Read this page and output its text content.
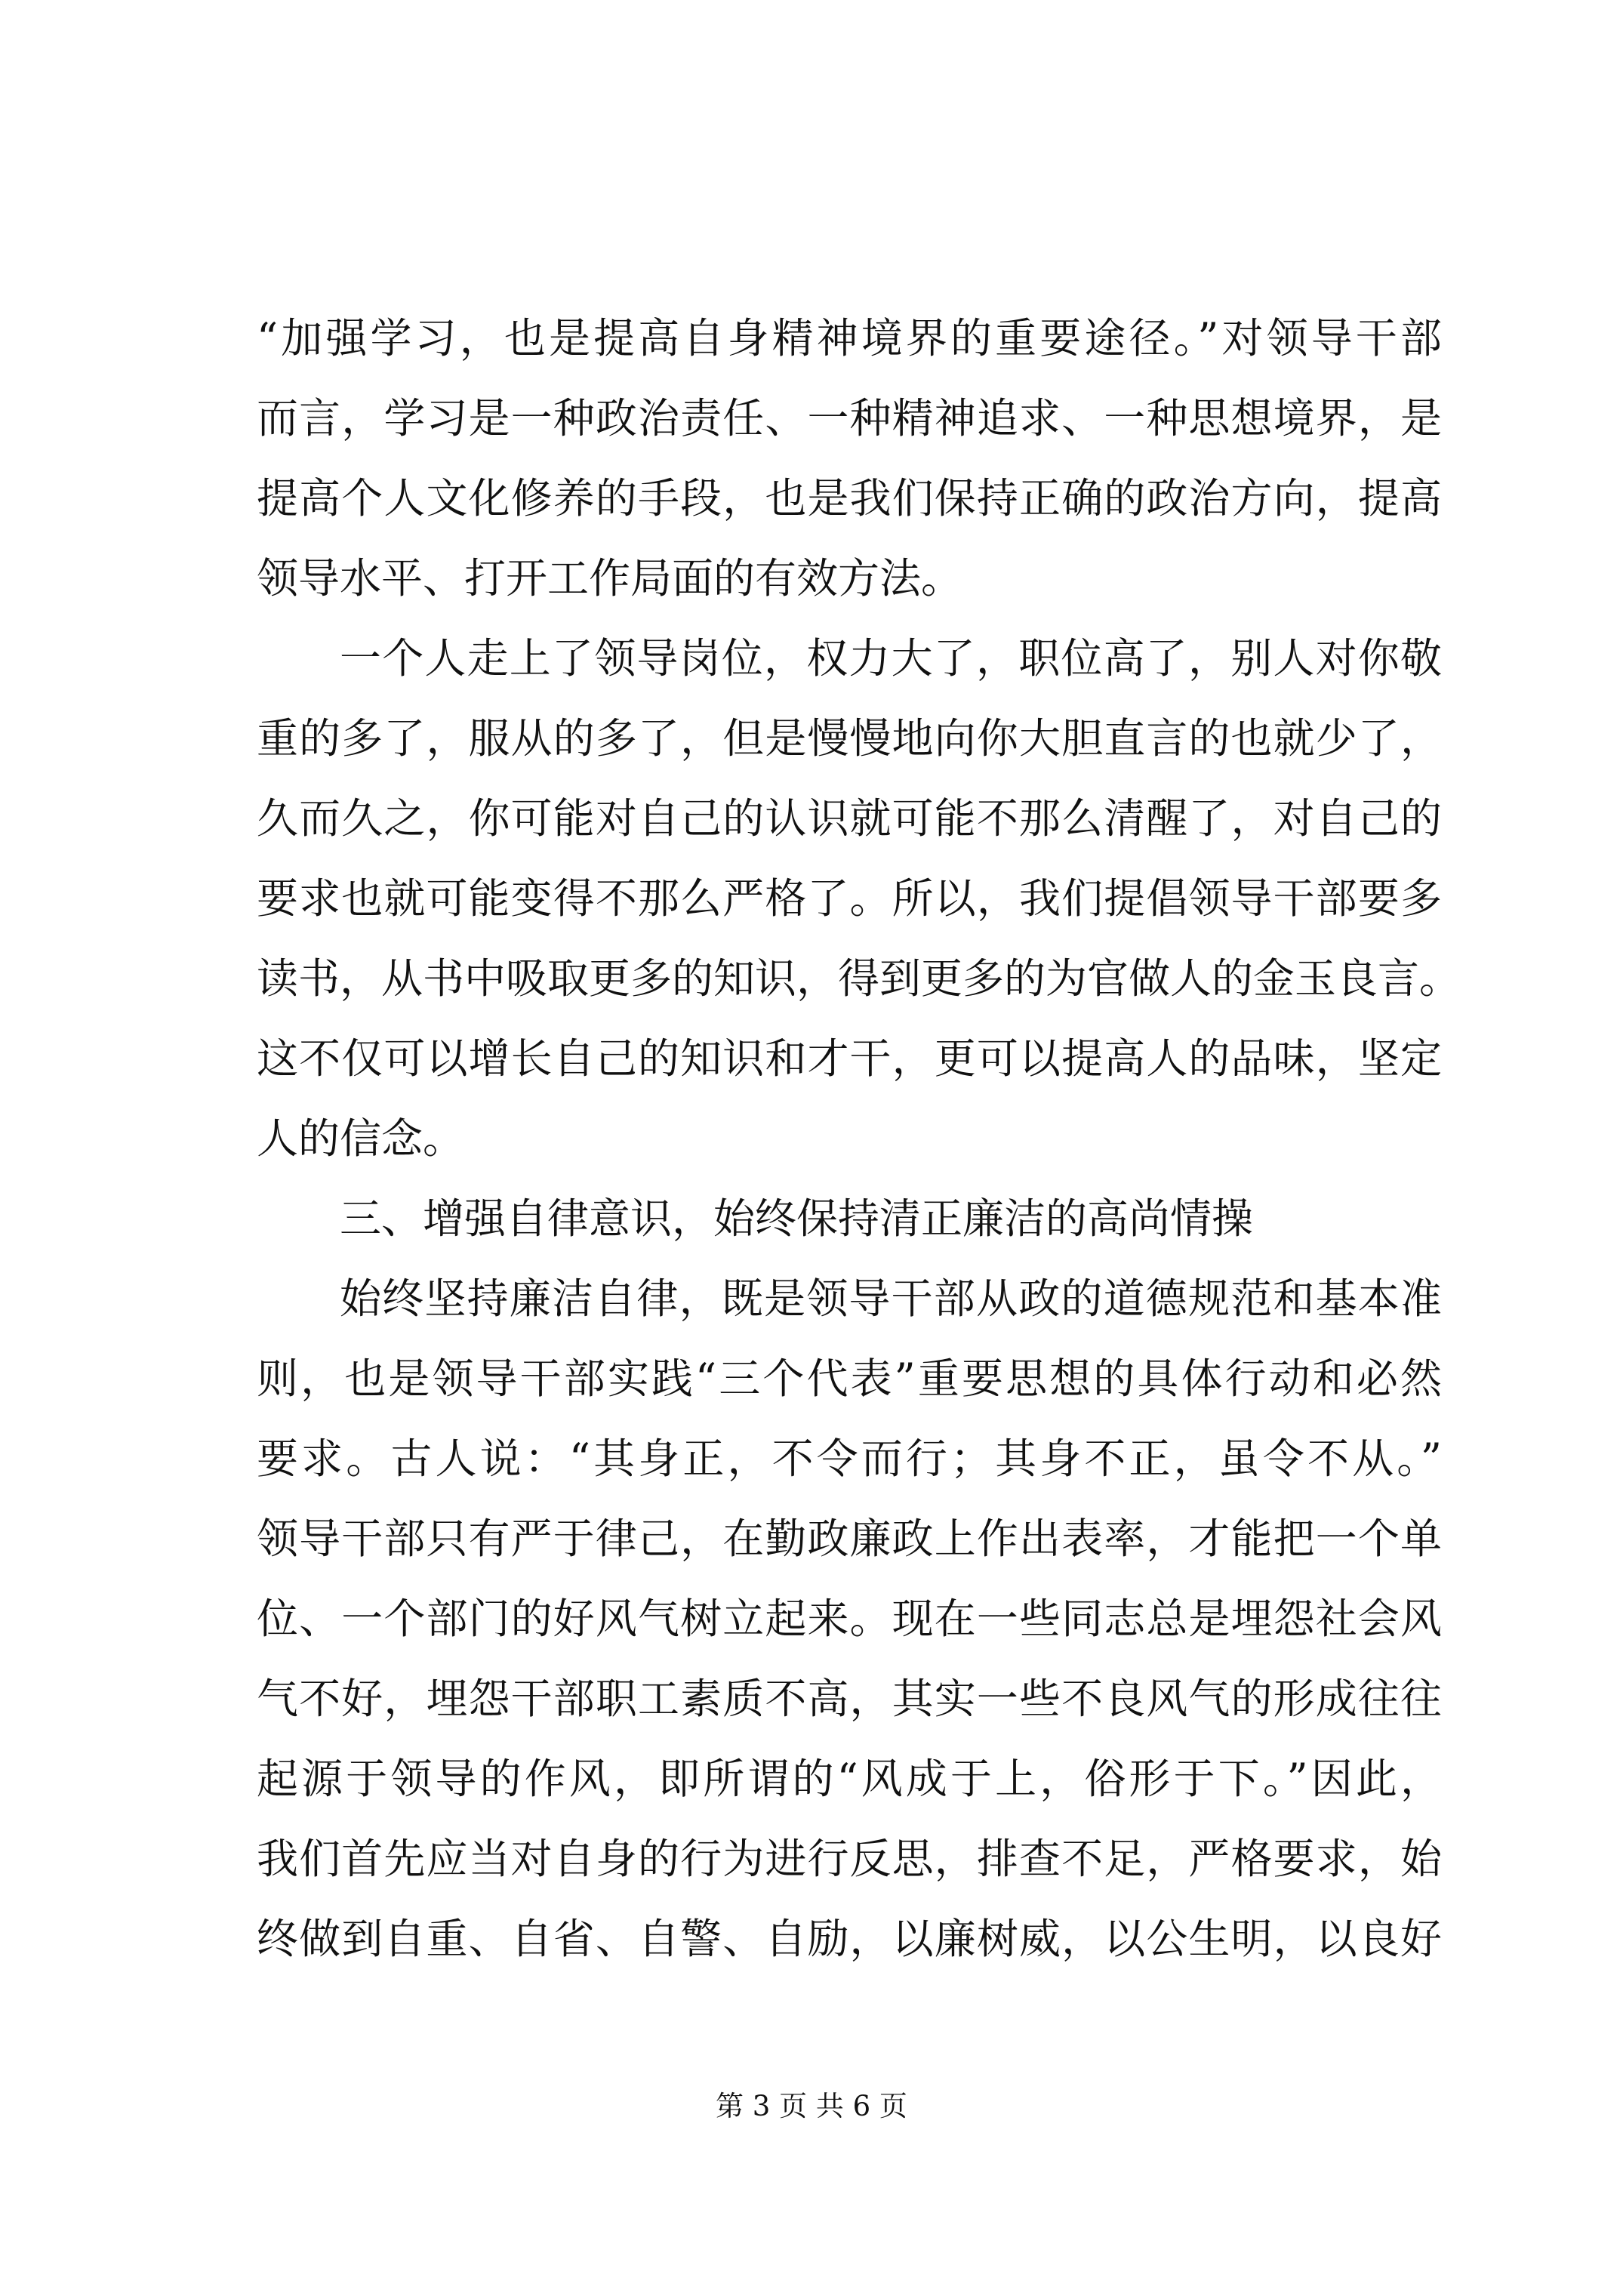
“加强学习，也是提高自身精神境界的重要途径。”对领导干部
而言，学习是一种政治责任、一种精神追求、一种思想境界，是
提高个人文化修养的手段，也是我们保持正确的政治方向，提高
领导水平、打开工作局面的有效方法。
一个人走上了领导岗位，权力大了，职位高了，别人对你敬
重的多了，服从的多了，但是慢慢地向你大胆直言的也就少了，
久而久之，你可能对自己的认识就可能不那么清醒了，对自己的
要求也就可能变得不那么严格了。所以，我们提倡领导干部要多
读书，从书中吸取更多的知识，得到更多的为官做人的金玉良言。
这不仅可以增长自己的知识和才干，更可以提高人的品味，坚定
人的信念。
三、增强自律意识，始终保持清正廉洁的高尚情操
始终坚持廉洁自律，既是领导干部从政的道德规范和基本准
则，也是领导干部实践“三个代表”重要思想的具体行动和必然
要求。古人说：“其身正，不令而行；其身不正，虽令不从。”
领导干部只有严于律己，在勤政廉政上作出表率，才能把一个单
位、一个部门的好风气树立起来。现在一些同志总是埋怨社会风
气不好，埋怨干部职工素质不高，其实一些不良风气的形成往往
起源于领导的作风，即所谓的“风成于上，俗形于下。”因此，
我们首先应当对自身的行为进行反思，排查不足，严格要求，始
终做到自重、自省、自警、自励，以廉树威，以公生明，以良好
第 3 页 共 6 页
